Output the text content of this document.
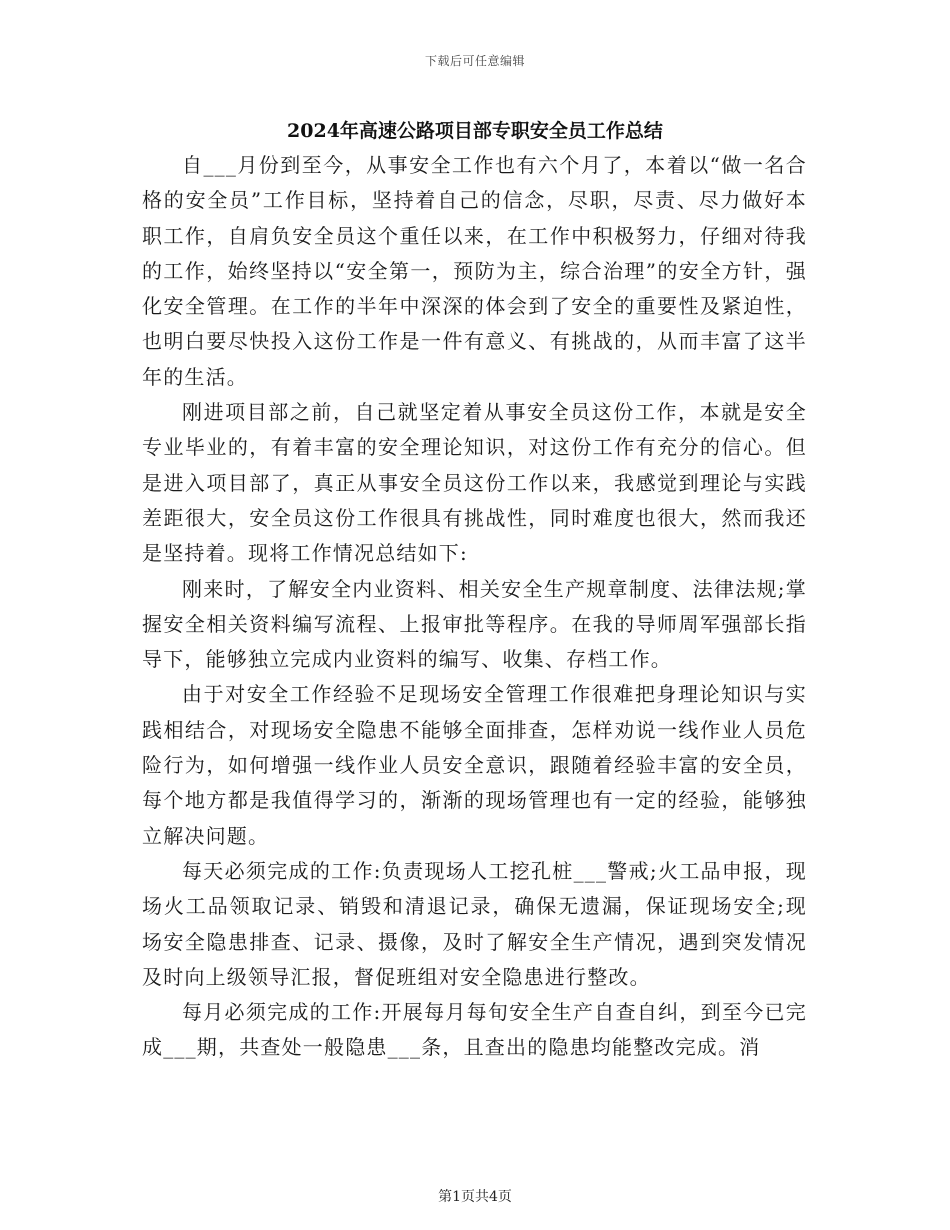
下载后可任意编辑
2024年高速公路项目部专职安全员工作总结

自___月份到至今，从事安全工作也有六个月了，本着以“做一名合格的安全员”工作目标，坚持着自己的信念，尽职，尽责、尽力做好本职工作，自肩负安全员这个重任以来，在工作中积极努力，仔细对待我的工作，始终坚持以“安全第一，预防为主，综合治理”的安全方针，强化安全管理。在工作的半年中深深的体会到了安全的重要性及紧迫性，也明白要尽快投入这份工作是一件有意义、有挑战的，从而丰富了这半年的生活。

刚进项目部之前，自己就坚定着从事安全员这份工作，本就是安全专业毕业的，有着丰富的安全理论知识，对这份工作有充分的信心。但是进入项目部了，真正从事安全员这份工作以来，我感觉到理论与实践差距很大，安全员这份工作很具有挑战性，同时难度也很大，然而我还是坚持着。现将工作情况总结如下:

刚来时，了解安全内业资料、相关安全生产规章制度、法律法规;掌握安全相关资料编写流程、上报审批等程序。在我的导师周军强部长指导下，能够独立完成内业资料的编写、收集、存档工作。

由于对安全工作经验不足现场安全管理工作很难把身理论知识与实践相结合，对现场安全隐患不能够全面排查，怎样劝说一线作业人员危险行为，如何增强一线作业人员安全意识，跟随着经验丰富的安全员，每个地方都是我值得学习的，渐渐的现场管理也有一定的经验，能够独立解决问题。

每天必须完成的工作:负责现场人工挖孔桩___警戒;火工品申报，现场火工品领取记录、销毁和清退记录，确保无遗漏，保证现场安全;现场安全隐患排查、记录、摄像，及时了解安全生产情况，遇到突发情况及时向上级领导汇报，督促班组对安全隐患进行整改。

每月必须完成的工作:开展每月每旬安全生产自查自纠，到至今已完成___期，共查处一般隐患___条，且查出的隐患均能整改完成。消

第1页共4页
